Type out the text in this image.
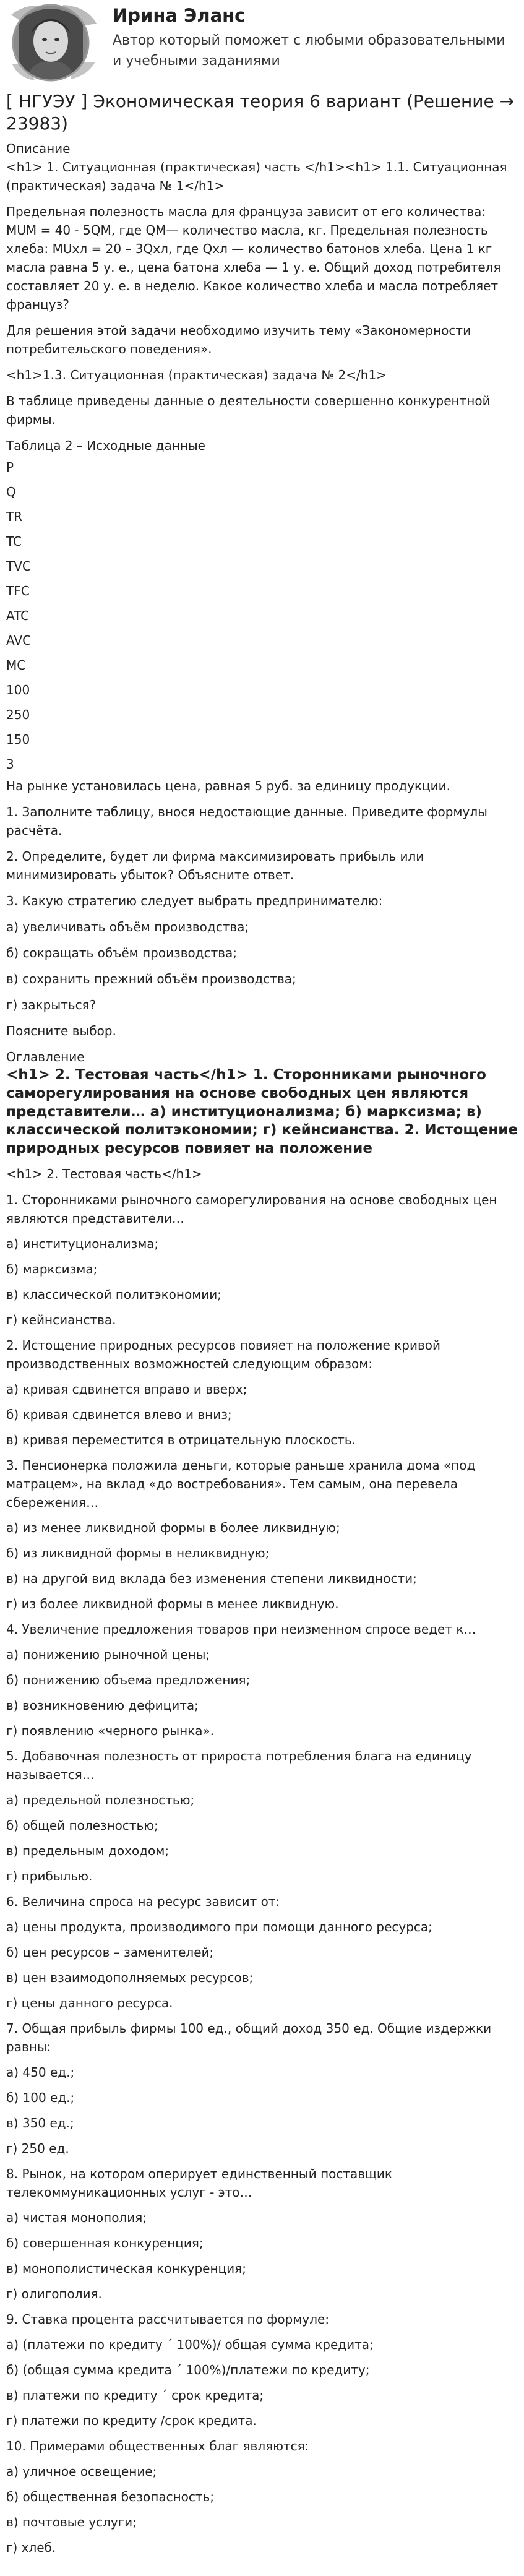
Ирина Эланс
Автор который поможет с любыми образовательными и учебными заданиями
[ НГУЭУ ] Экономическая теория 6 вариант (Решение → 23983)
Описание
<h1> 1. Ситуационная (практическая) часть </h1><h1> 1.1. Ситуационная (практическая) задача № 1</h1>
Предельная полезность масла для француза зависит от его количества: MUM = 40 - 5QM, где QM— количество масла, кг. Предельная полезность хлеба: MUхл = 20 – 3Qхл, где Qхл — количество батонов хлеба. Цена 1 кг масла равна 5 у. е., цена батона хлеба — 1 у. е. Общий доход потребителя составляет 20 у. е. в неделю. Какое количество хлеба и масла потребляет француз?
Для решения этой задачи необходимо изучить тему «Закономерности потребительского поведения».
<h1>1.3. Ситуационная (практическая) задача № 2</h1>
В таблице приведены данные о деятельности совершенно конкурентной фирмы.
Таблица 2 – Исходные данные
P
Q
TR
TC
TVC
TFC
ATC
AVC
MC
100
250
150
3
На рынке установилась цена, равная 5 руб. за единицу продукции.
1. Заполните таблицу, внося недостающие данные. Приведите формулы расчёта.
2. Определите, будет ли фирма максимизировать прибыль или минимизировать убыток? Объясните ответ.
3. Какую стратегию следует выбрать предпринимателю:
а) увеличивать объём производства;
б) сокращать объём производства;
в) сохранить прежний объём производства;
г) закрыться?
Поясните выбор.
Оглавление
<h1> 2. Тестовая часть</h1> 1. Сторонниками рыночного саморегулирования на основе свободных цен являются представители… а) институционализма; б) марксизма; в) классической политэкономии; г) кейнсианства. 2. Истощение природных ресурсов повияет на положение
<h1> 2. Тестовая часть</h1>
1. Сторонниками рыночного саморегулирования на основе свободных цен являются представители…
а) институционализма;
б) марксизма;
в) классической политэкономии;
г) кейнсианства.
2. Истощение природных ресурсов повияет на положение кривой производственных возможностей следующим образом:
а) кривая сдвинется вправо и вверх;
б) кривая сдвинется влево и вниз;
в) кривая переместится в отрицательную плоскость.
3. Пенсионерка положила деньги, которые раньше хранила дома «под матрацем», на вклад «до востребования». Тем самым, она перевела сбережения…
а) из менее ликвидной формы в более ликвидную;
б) из ликвидной формы в неликвидную;
в) на другой вид вклада без изменения степени ликвидности;
г) из более ликвидной формы в менее ликвидную.
4. Увеличение предложения товаров при неизменном спросе ведет к…
а) понижению рыночной цены;
б) понижению объема предложения;
в) возникновению дефицита;
г) появлению «черного рынка».
5. Добавочная полезность от прироста потребления блага на единицу называется…
а) предельной полезностью;
б) общей полезностью;
в) предельным доходом;
г) прибылью.
6. Величина спроса на ресурс зависит от:
а) цены продукта, производимого при помощи данного ресурса;
б) цен ресурсов – заменителей;
в) цен взаимодополняемых ресурсов;
г) цены данного ресурса.
7. Общая прибыль фирмы 100 ед., общий доход 350 ед. Общие издержки равны:
а) 450 ед.;
б) 100 ед.;
в) 350 ед.;
г) 250 ед.
8. Рынок, на котором оперирует единственный поставщик телекоммуникационных услуг - это…
а) чистая монополия;
б) совершенная конкуренция;
в) монополистическая конкуренция;
г) олигополия.
9. Ставка процента рассчитывается по формуле:
а) (платежи по кредиту ´ 100%)/ общая сумма кредита;
б) (общая сумма кредита ´ 100%)/платежи по кредиту;
в) платежи по кредиту ´ срок кредита;
г) платежи по кредиту /срок кредита.
10. Примерами общественных благ являются:
а) уличное освещение;
б) общественная безопасность;
в) почтовые услуги;
г) хлеб.
